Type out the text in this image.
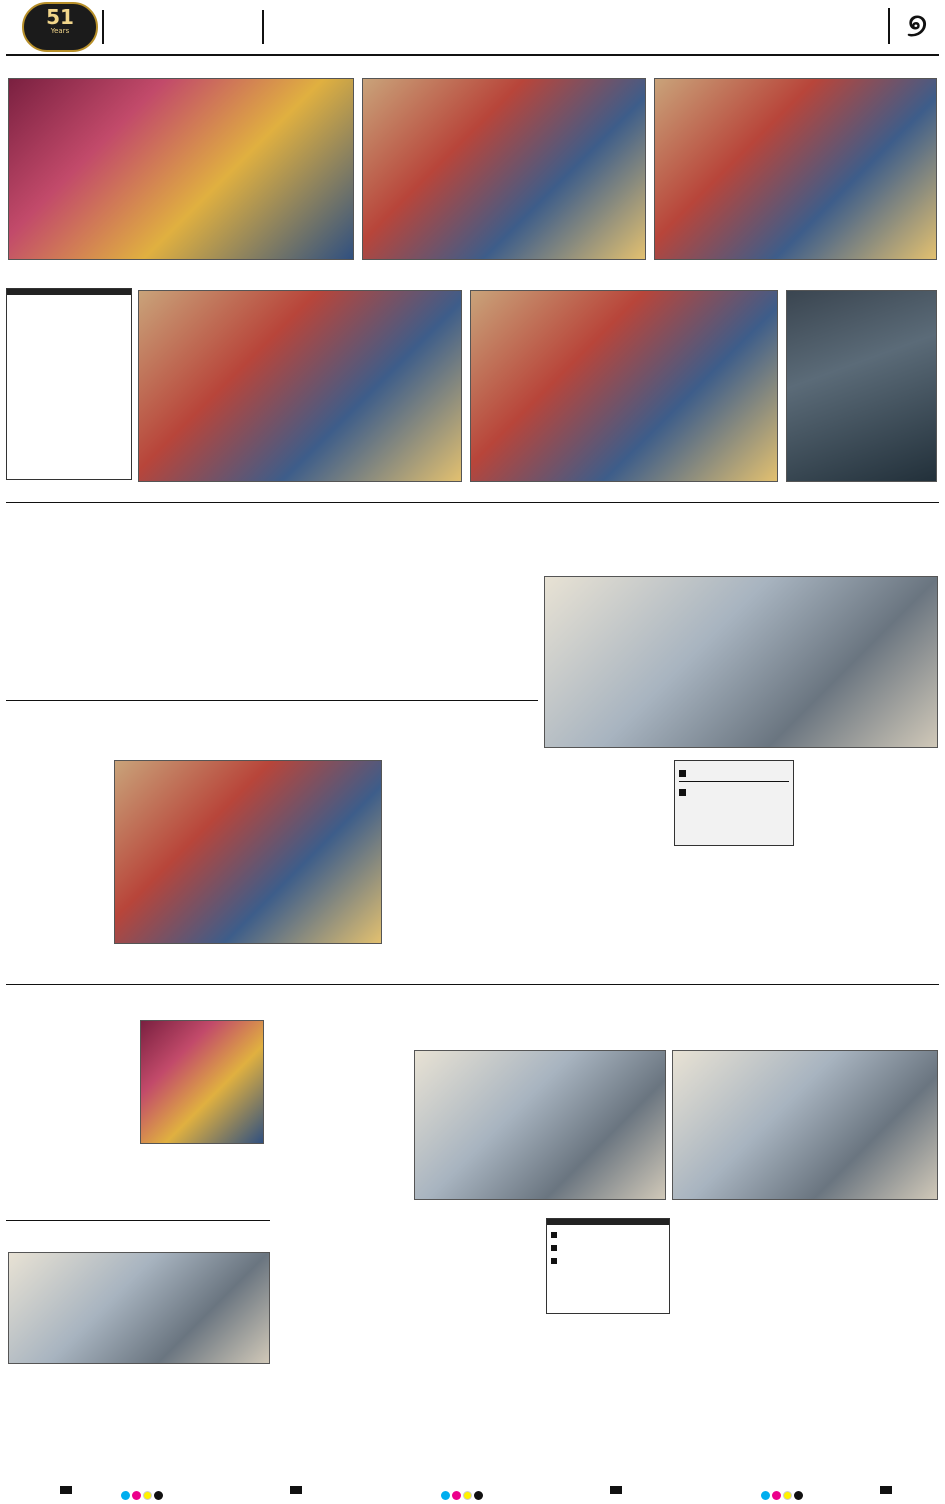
51
Years	୭
